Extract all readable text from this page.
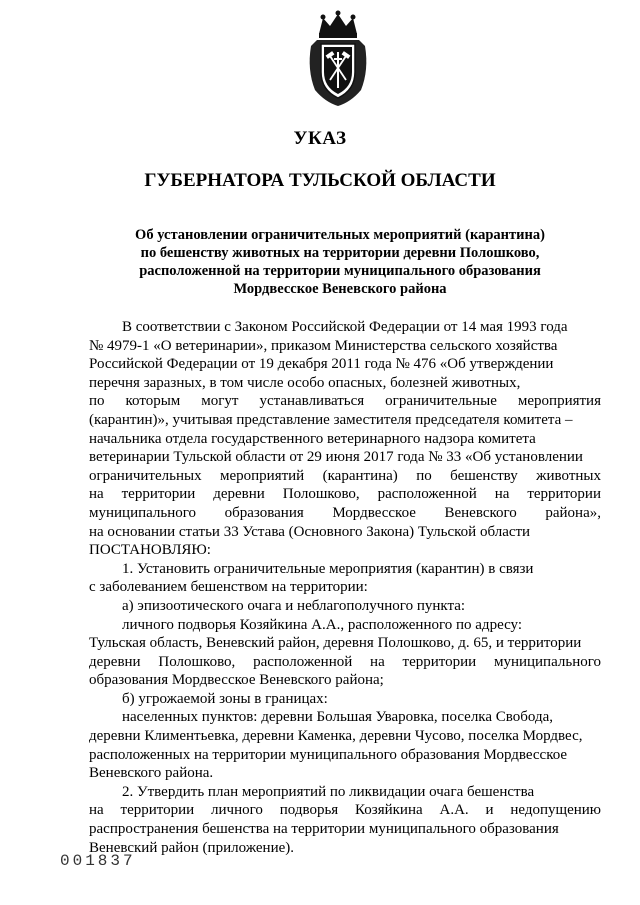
УКАЗ
ГУБЕРНАТОРА ТУЛЬСКОЙ ОБЛАСТИ
Об установлении ограничительных мероприятий (карантина)
по бешенству животных на территории деревни Полошково,
расположенной на территории муниципального образования
Мордвесское Веневского района
В соответствии с Законом Российской Федерации от 14 мая 1993 года
№ 4979-1 «О ветеринарии», приказом Министерства сельского хозяйства
Российской Федерации от 19 декабря 2011 года № 476 «Об утверждении
перечня заразных, в том числе особо опасных, болезней животных,
по которым могут устанавливаться ограничительные мероприятия
(карантин)», учитывая представление заместителя председателя комитета –
начальника отдела государственного ветеринарного надзора комитета
ветеринарии Тульской области от 29 июня 2017 года № 33 «Об установлении
ограничительных мероприятий (карантина) по бешенству животных
на территории деревни Полошково, расположенной на территории
муниципального образования Мордвесское Веневского района»,
на основании статьи 33 Устава (Основного Закона) Тульской области
ПОСТАНОВЛЯЮ:
1. Установить ограничительные мероприятия (карантин) в связи
с заболеванием бешенством на территории:
а) эпизоотического очага и неблагополучного пункта:
личного подворья Козяйкина А.А., расположенного по адресу:
Тульская область, Веневский район, деревня Полошково, д. 65, и территории
деревни Полошково, расположенной на территории муниципального
образования Мордвесское Веневского района;
б) угрожаемой зоны в границах:
населенных пунктов: деревни Большая Уваровка, поселка Свобода,
деревни Климентьевка, деревни Каменка, деревни Чусово, поселка Мордвес,
расположенных на территории муниципального образования Мордвесское
Веневского района.
2. Утвердить план мероприятий по ликвидации очага бешенства
на территории личного подворья Козяйкина А.А. и недопущению
распространения бешенства на территории муниципального образования
Веневский район (приложение).
001837
